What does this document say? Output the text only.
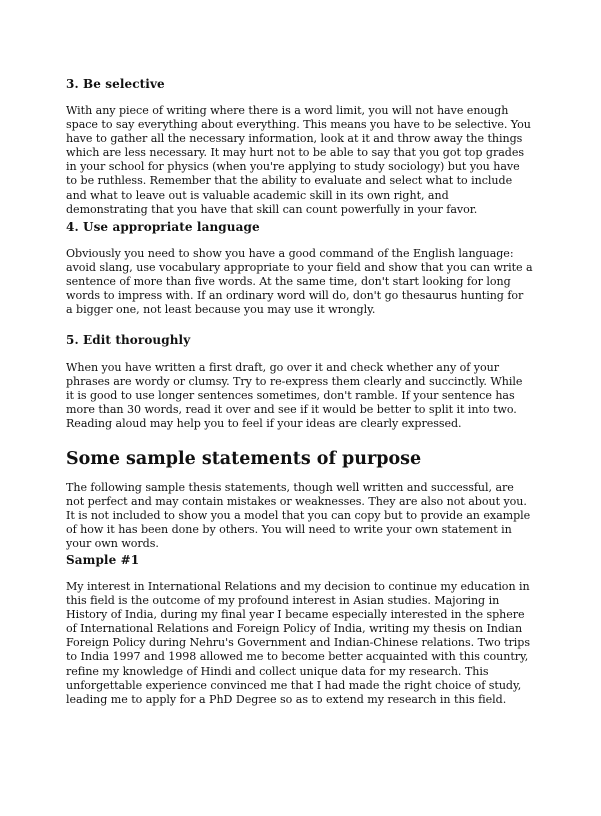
3. Be selective

With any piece of writing where there is a word limit, you will not have enough space to say everything about everything. This means you have to be selective. You have to gather all the necessary information, look at it and throw away the things which are less necessary. It may hurt not to be able to say that you got top grades in your school for physics (when you're applying to study sociology) but you have to be ruthless. Remember that the ability to evaluate and select what to include and what to leave out is valuable academic skill in its own right, and demonstrating that you have that skill can count powerfully in your favor.

4. Use appropriate language

Obviously you need to show you have a good command of the English language: avoid slang, use vocabulary appropriate to your field and show that you can write a sentence of more than five words. At the same time, don't start looking for long words to impress with. If an ordinary word will do, don't go thesaurus hunting for a bigger one, not least because you may use it wrongly.

5. Edit thoroughly

When you have written a first draft, go over it and check whether any of your phrases are wordy or clumsy. Try to re-express them clearly and succinctly. While it is good to use longer sentences sometimes, don't ramble. If your sentence has more than 30 words, read it over and see if it would be better to split it into two. Reading aloud may help you to feel if your ideas are clearly expressed.

Some sample statements of purpose

The following sample thesis statements, though well written and successful, are not perfect and may contain mistakes or weaknesses. They are also not about you. It is not included to show you a model that you can copy but to provide an example of how it has been done by others. You will need to write your own statement in your own words.

Sample #1

My interest in International Relations and my decision to continue my education in this field is the outcome of my profound interest in Asian studies. Majoring in History of India, during my final year I became especially interested in the sphere of International Relations and Foreign Policy of India, writing my thesis on Indian Foreign Policy during Nehru's Government and Indian-Chinese relations. Two trips to India 1997 and 1998 allowed me to become better acquainted with this country, refine my knowledge of Hindi and collect unique data for my research. This unforgettable experience convinced me that I had made the right choice of study, leading me to apply for a PhD Degree so as to extend my research in this field.
